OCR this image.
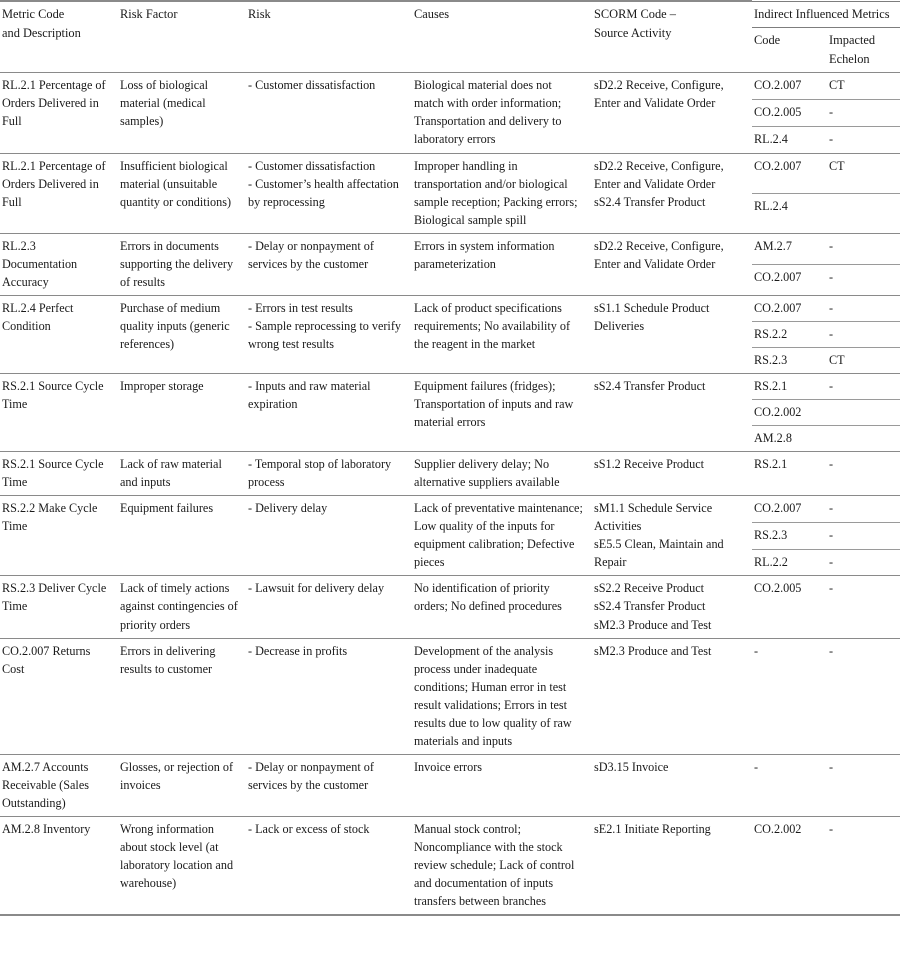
Metric Code
and Description	Risk Factor	Risk	Causes	SCORM Code –
Source Activity	Indirect Influenced Metrics	
					Code	Impacted
Echelon

RL.2.1 Percentage of Orders Delivered in Full	Loss of biological material (medical samples)	- Customer dissatisfaction	Biological material does not match with order information; Transportation and delivery to laboratory errors	sD2.2 Receive, Configure, Enter and Validate Order	CO.2.007	CT
					CO.2.005	-
					RL.2.4	-

RL.2.1 Percentage of Orders Delivered in Full	Insufficient biological material (unsuitable quantity or conditions)	- Customer dissatisfaction
- Customer’s health affectation by reprocessing	Improper handling in transportation and/or biological sample reception; Packing errors; Biological sample spill	sD2.2 Receive, Configure, Enter and Validate Order
sS2.4 Transfer Product	CO.2.007	CT
					RL.2.4	

RL.2.3 Documentation Accuracy	Errors in documents supporting the delivery of results	- Delay or nonpayment of services by the customer	Errors in system information parameterization	sD2.2 Receive, Configure, Enter and Validate Order	AM.2.7	-
					CO.2.007	-

RL.2.4 Perfect Condition	Purchase of medium quality inputs (generic references)	- Errors in test results
- Sample reprocessing to verify wrong test results	Lack of product specifications requirements; No availability of the reagent in the market	sS1.1 Schedule Product Deliveries	CO.2.007	-
					RS.2.2	-
					RS.2.3	CT

RS.2.1 Source Cycle Time	Improper storage	- Inputs and raw material expiration	Equipment failures (fridges); Transportation of inputs and raw material errors	sS2.4 Transfer Product	RS.2.1	-
					CO.2.002	
					AM.2.8	

RS.2.1 Source Cycle Time	Lack of raw material and inputs	- Temporal stop of laboratory process	Supplier delivery delay; No alternative suppliers available	sS1.2 Receive Product	RS.2.1	-

RS.2.2 Make Cycle Time	Equipment failures	- Delivery delay	Lack of preventative maintenance; Low quality of the inputs for equipment calibration; Defective pieces	sM1.1 Schedule Service Activities
sE5.5 Clean, Maintain and Repair	CO.2.007	-
					RS.2.3	-
					RL.2.2	-

RS.2.3 Deliver Cycle Time	Lack of timely actions against contingencies of priority orders	- Lawsuit for delivery delay	No identification of priority orders; No defined procedures	sS2.2 Receive Product
sS2.4 Transfer Product
sM2.3 Produce and Test	CO.2.005	-

CO.2.007 Returns Cost	Errors in delivering results to customer	- Decrease in profits	Development of the analysis process under inadequate conditions; Human error in test result validations; Errors in test results due to low quality of raw materials and inputs	sM2.3 Produce and Test	-	-

AM.2.7 Accounts Receivable (Sales Outstanding)	Glosses, or rejection of invoices	- Delay or nonpayment of services by the customer	Invoice errors	sD3.15 Invoice	-	-

AM.2.8 Inventory	Wrong information about stock level (at laboratory location and warehouse)	- Lack or excess of stock	Manual stock control; Noncompliance with the stock review schedule; Lack of control and documentation of inputs transfers between branches	sE2.1 Initiate Reporting	CO.2.002	-
